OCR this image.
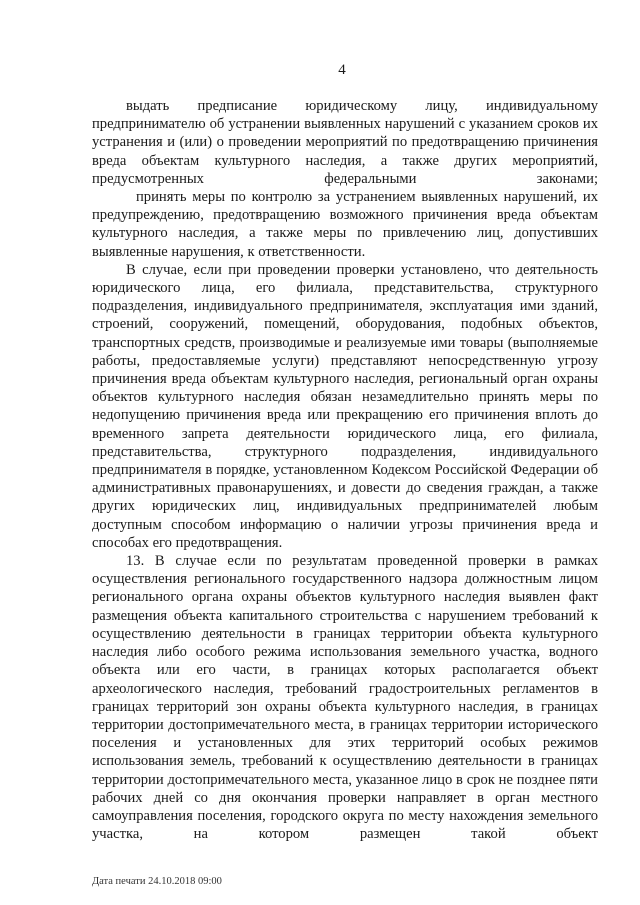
4

выдать предписание юридическому лицу, индивидуальному предпринимателю об устранении выявленных нарушений с указанием сроков их устранения и (или) о проведении мероприятий по предотвращению причинения вреда объектам культурного наследия, а также других мероприятий, предусмотренных федеральными законами;

принять меры по контролю за устранением выявленных нарушений, их предупреждению, предотвращению возможного причинения вреда объектам культурного наследия, а также меры по привлечению лиц, допустивших выявленные нарушения, к ответственности.

В случае, если при проведении проверки установлено, что деятельность юридического лица, его филиала, представительства, структурного подразделения, индивидуального предпринимателя, эксплуатация ими зданий, строений, сооружений, помещений, оборудования, подобных объектов, транспортных средств, производимые и реализуемые ими товары (выполняемые работы, предоставляемые услуги) представляют непосредственную угрозу причинения вреда объектам культурного наследия, региональный орган охраны объектов культурного наследия обязан незамедлительно принять меры по недопущению причинения вреда или прекращению его причинения вплоть до временного запрета деятельности юридического лица, его филиала, представительства, структурного подразделения, индивидуального предпринимателя в порядке, установленном Кодексом Российской Федерации об административных правонарушениях, и довести до сведения граждан, а также других юридических лиц, индивидуальных предпринимателей любым доступным способом информацию о наличии угрозы причинения вреда и способах его предотвращения.

13. В случае если по результатам проведенной проверки в рамках осуществления регионального государственного надзора должностным лицом регионального органа охраны объектов культурного наследия выявлен факт размещения объекта капитального строительства с нарушением требований к осуществлению деятельности в границах территории объекта культурного наследия либо особого режима использования земельного участка, водного объекта или его части, в границах которых располагается объект археологического наследия, требований градостроительных регламентов в границах территорий зон охраны объекта культурного наследия, в границах территории достопримечательного места, в границах территории исторического поселения и установленных для этих территорий особых режимов использования земель, требований к осуществлению деятельности в границах территории достопримечательного места, указанное лицо в срок не позднее пяти рабочих дней со дня окончания проверки направляет в орган местного самоуправления поселения, городского округа по месту нахождения земельного участка, на котором размещен такой объект

Дата печати 24.10.2018 09:00
